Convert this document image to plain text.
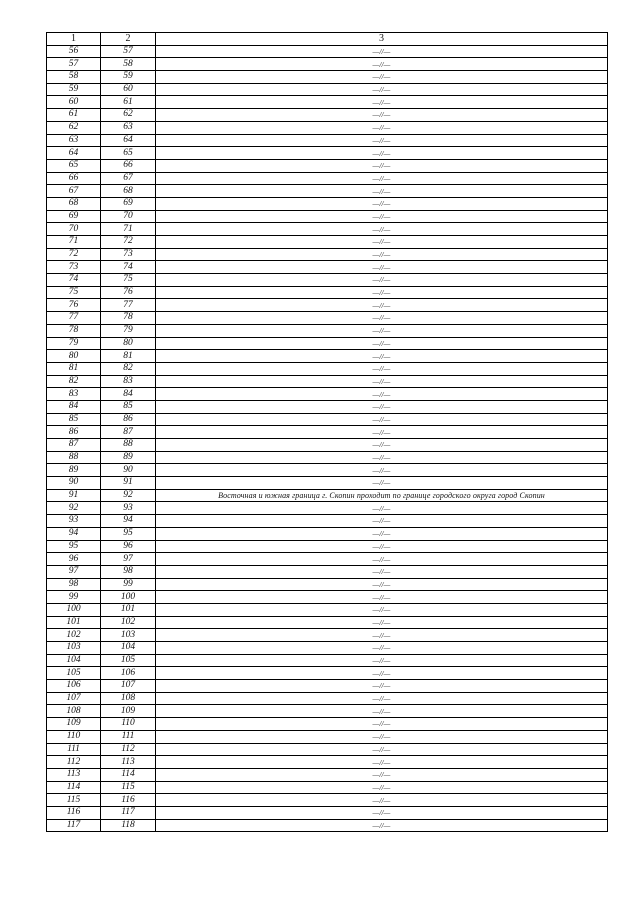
1	2	3
56	57	—//—
57	58	—//—
58	59	—//—
59	60	—//—
60	61	—//—
61	62	—//—
62	63	—//—
63	64	—//—
64	65	—//—
65	66	—//—
66	67	—//—
67	68	—//—
68	69	—//—
69	70	—//—
70	71	—//—
71	72	—//—
72	73	—//—
73	74	—//—
74	75	—//—
75	76	—//—
76	77	—//—
77	78	—//—
78	79	—//—
79	80	—//—
80	81	—//—
81	82	—//—
82	83	—//—
83	84	—//—
84	85	—//—
85	86	—//—
86	87	—//—
87	88	—//—
88	89	—//—
89	90	—//—
90	91	—//—
91	92	Восточная и южная граница г. Скопин проходит по границе городского округа город Скопин
92	93	—//—
93	94	—//—
94	95	—//—
95	96	—//—
96	97	—//—
97	98	—//—
98	99	—//—
99	100	—//—
100	101	—//—
101	102	—//—
102	103	—//—
103	104	—//—
104	105	—//—
105	106	—//—
106	107	—//—
107	108	—//—
108	109	—//—
109	110	—//—
110	111	—//—
111	112	—//—
112	113	—//—
113	114	—//—
114	115	—//—
115	116	—//—
116	117	—//—
117	118	—//—
